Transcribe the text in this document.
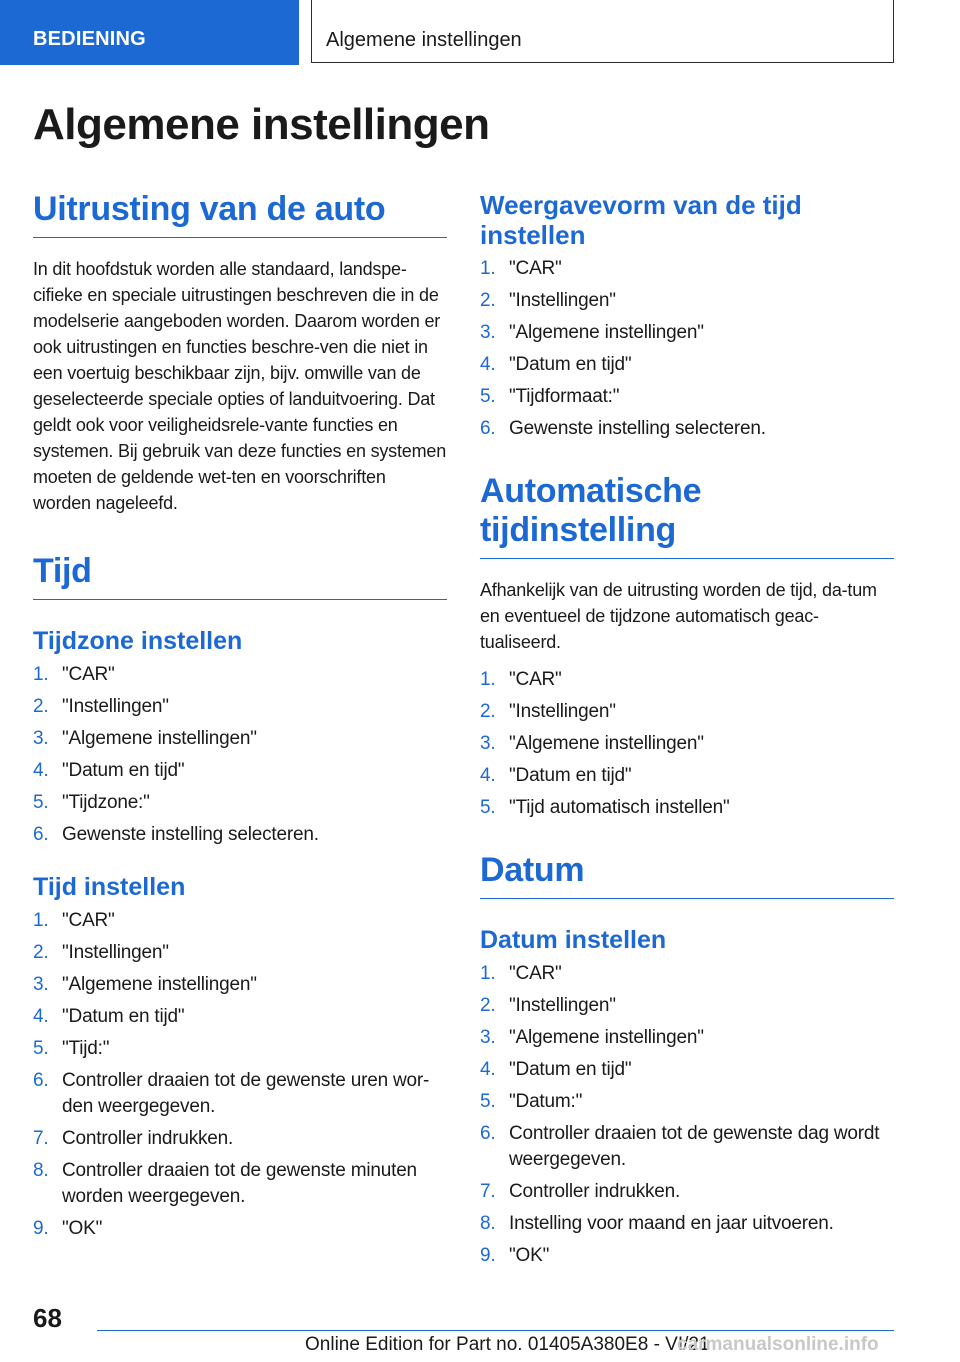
BEDIENING	Algemene instellingen
Algemene instellingen
Uitrusting van de auto

In dit hoofdstuk worden alle standaard, landspe-cifieke en speciale uitrustingen beschreven die in de modelserie aangeboden worden. Daarom worden er ook uitrustingen en functies beschre-ven die niet in een voertuig beschikbaar zijn, bijv. omwille van de geselecteerde speciale opties of landuitvoering. Dat geldt ook voor veiligheidsrele-vante functies en systemen. Bij gebruik van deze functies en systemen moeten de geldende wet-ten en voorschriften worden nageleefd.

Tijd
Tijdzone instellen
1. "CAR"
2. "Instellingen"
3. "Algemene instellingen"
4. "Datum en tijd"
5. "Tijdzone:"
6. Gewenste instelling selecteren.
Tijd instellen
1. "CAR"
2. "Instellingen"
3. "Algemene instellingen"
4. "Datum en tijd"
5. "Tijd:"
6. Controller draaien tot de gewenste uren wor-den weergegeven.
7. Controller indrukken.
8. Controller draaien tot de gewenste minuten worden weergegeven.
9. "OK"
Weergavevorm van de tijd instellen
1. "CAR"
2. "Instellingen"
3. "Algemene instellingen"
4. "Datum en tijd"
5. "Tijdformaat:"
6. Gewenste instelling selecteren.
Automatische tijdinstelling

Afhankelijk van de uitrusting worden de tijd, da-tum en eventueel de tijdzone automatisch geac-tualiseerd.

1. "CAR"
2. "Instellingen"
3. "Algemene instellingen"
4. "Datum en tijd"
5. "Tijd automatisch instellen"
Datum
Datum instellen
1. "CAR"
2. "Instellingen"
3. "Algemene instellingen"
4. "Datum en tijd"
5. "Datum:"
6. Controller draaien tot de gewenste dag wordt weergegeven.
7. Controller indrukken.
8. Instelling voor maand en jaar uitvoeren.
9. "OK"
68
Online Edition for Part no. 01405A380E8 - VI/21
carmanualsonline.info
